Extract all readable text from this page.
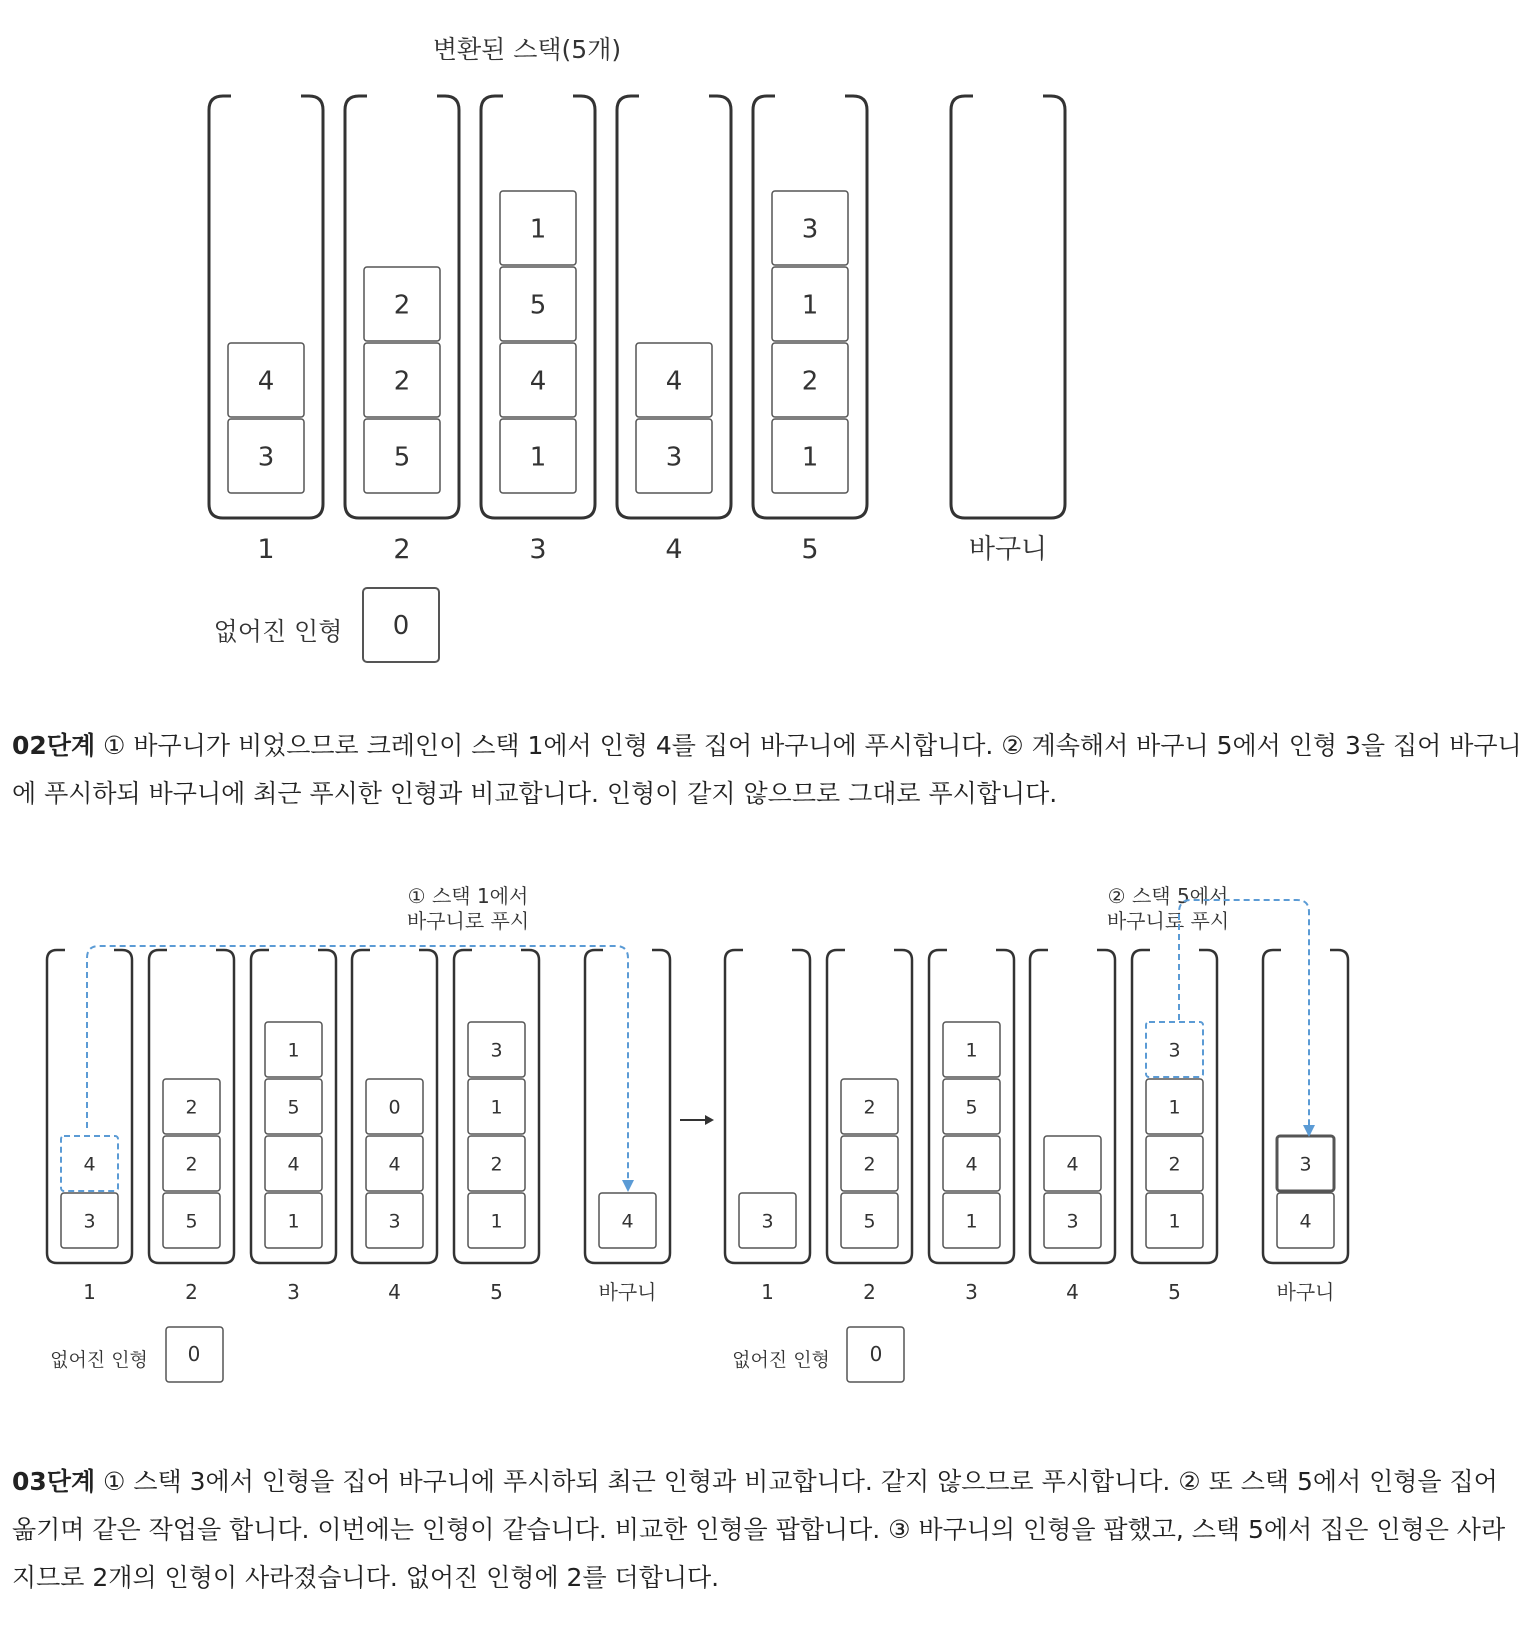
변환된 스택(5개)
3
4
1
5
2
2
2
1
4
5
1
3
3
4
4
1
2
1
3
5	바구니
없어진 인형 0

02단계 ① 바구니가 비었으므로 크레인이 스택 1에서 인형 4를 집어 바구니에 푸시합니다. ② 계속해서 바구니 5에서 인형 3을 집어 바구니에 푸시하되 바구니에 최근 푸시한 인형과 비교합니다. 인형이 같지 않으므로 그대로 푸시합니다.

3
4
1
5
2
2
2
1
4
5
1
3
3
4
0
4
1
2
1
3
5
4
바구니
3
1
5
2
2
2
1
4
5
1
3
3
4
4
1
2
1
3
5
4
3
바구니
① 스택 1에서
바구니로 푸시
② 스택 5에서
바구니로 푸시
없어진 인형 0	없어진 인형 0

03단계 ① 스택 3에서 인형을 집어 바구니에 푸시하되 최근 인형과 비교합니다. 같지 않으므로 푸시합니다. ② 또 스택 5에서 인형을 집어 옮기며 같은 작업을 합니다. 이번에는 인형이 같습니다. 비교한 인형을 팝합니다. ③ 바구니의 인형을 팝했고, 스택 5에서 집은 인형은 사라지므로 2개의 인형이 사라졌습니다. 없어진 인형에 2를 더합니다.
